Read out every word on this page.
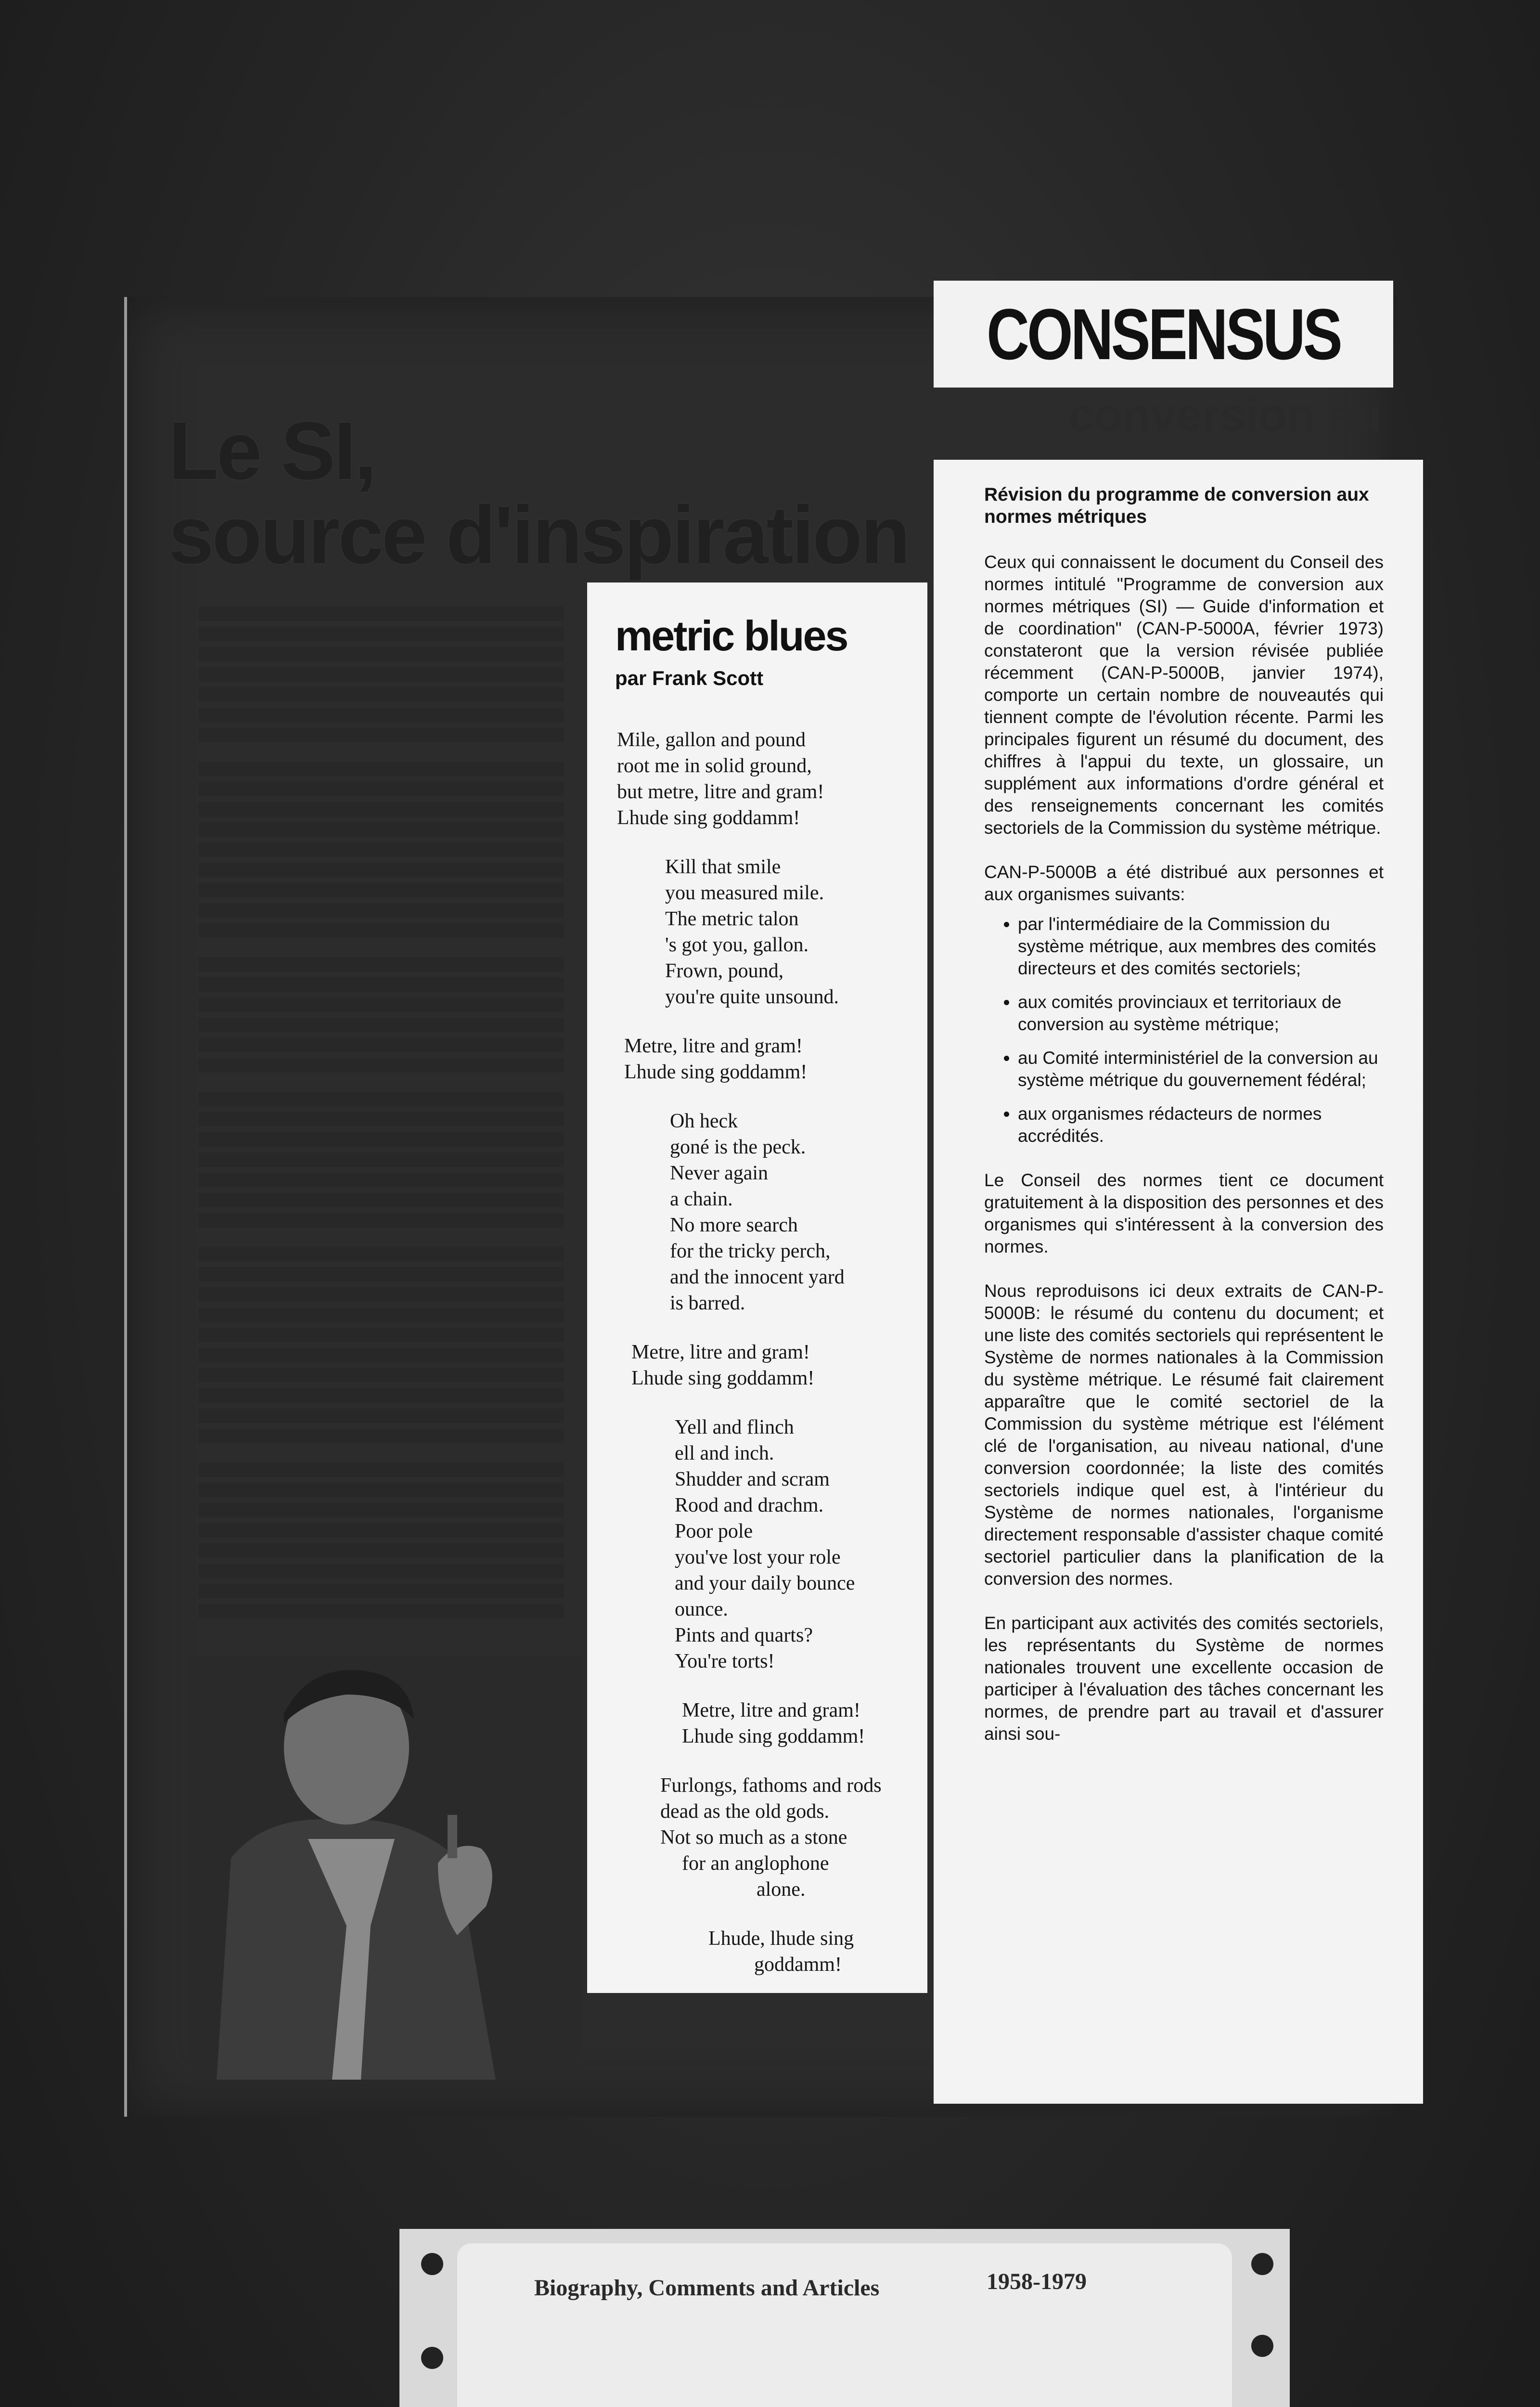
Le SI,
source d'inspiration

CONSENSUS
conversion au
metric blues
par Frank Scott
Mile, gallon and pound
root me in solid ground,
but metre, litre and gram!
Lhude sing goddamm!
Kill that smile
you measured mile.
The metric talon
's got you, gallon.
Frown, pound,
you're quite unsound.
Metre, litre and gram!
Lhude sing goddamm!
Oh heck
goné is the peck.
Never again
a chain.
No more search
for the tricky perch,
and the innocent yard
is barred.
Metre, litre and gram!
Lhude sing goddamm!
Yell and flinch
ell and inch.
Shudder and scram
Rood and drachm.
Poor pole
you've lost your role
and your daily bounce
ounce.
Pints and quarts?
You're torts!
Metre, litre and gram!
Lhude sing goddamm!
Furlongs, fathoms and rods
dead as the old gods.
Not so much as a stone
for an anglophone
alone.
Lhude, lhude sing
goddamm!
Révision du programme de conversion aux normes métriques

Ceux qui connaissent le document du Conseil des normes intitulé "Programme de conversion aux normes métriques (SI) — Guide d'information et de coordination" (CAN-P-5000A, février 1973) constateront que la version révisée publiée récemment (CAN-P-5000B, janvier 1974), comporte un certain nombre de nouveautés qui tiennent compte de l'évolution récente. Parmi les principales figurent un résumé du document, des chiffres à l'appui du texte, un glossaire, un supplément aux informations d'ordre général et des renseignements concernant les comités sectoriels de la Commission du système métrique.

CAN-P-5000B a été distribué aux personnes et aux organismes suivants:

• par l'intermédiaire de la Commission du système métrique, aux membres des comités directeurs et des comités sectoriels;
• aux comités provinciaux et territoriaux de conversion au système métrique;
• au Comité interministériel de la conversion au système métrique du gouvernement fédéral;
• aux organismes rédacteurs de normes accrédités.

Le Conseil des normes tient ce document gratuitement à la disposition des personnes et des organismes qui s'intéressent à la conversion des normes.

Nous reproduisons ici deux extraits de CAN-P-5000B: le résumé du contenu du document; et une liste des comités sectoriels qui représentent le Système de normes nationales à la Commission du système métrique. Le résumé fait clairement apparaître que le comité sectoriel de la Commission du système métrique est l'élément clé de l'organisation, au niveau national, d'une conversion coordonnée; la liste des comités sectoriels indique quel est, à l'intérieur du Système de normes nationales, l'organisme directement responsable d'assister chaque comité sectoriel particulier dans la planification de la conversion des normes.

En participant aux activités des comités sectoriels, les représentants du Système de normes nationales trouvent une excellente occasion de participer à l'évaluation des tâches concernant les normes, de prendre part au travail et d'assurer ainsi sou-

Biography, Comments and Articles	1958-1979
